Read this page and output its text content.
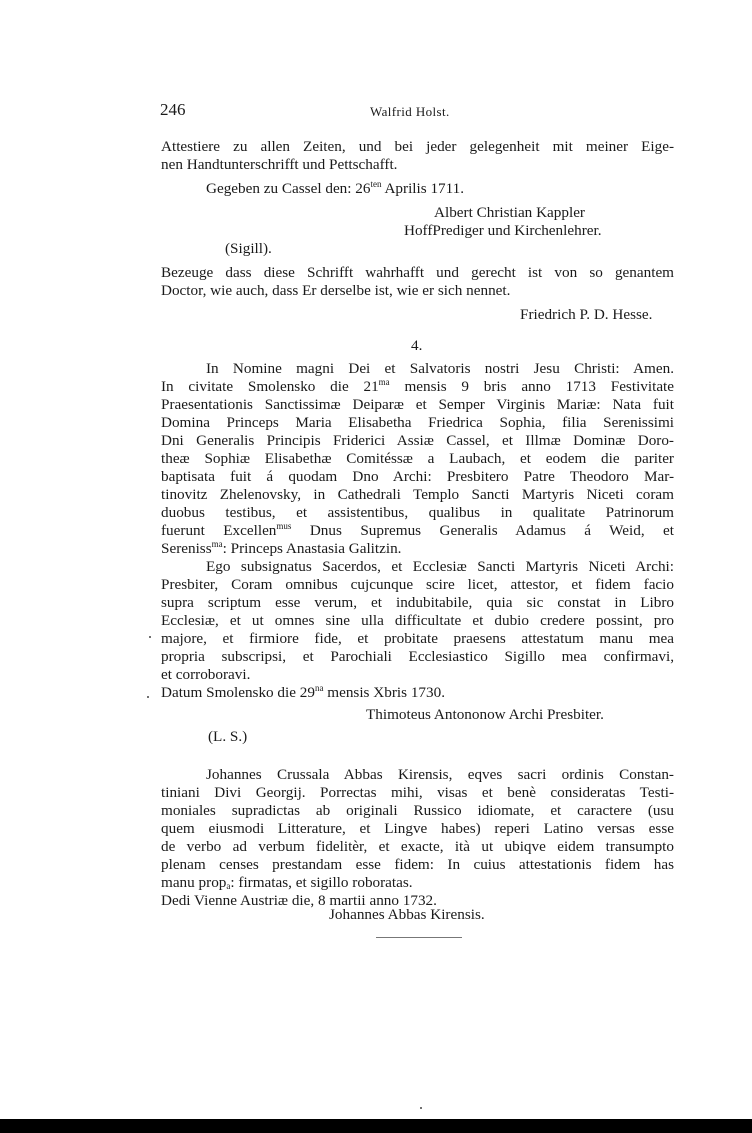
246	Walfrid Holst.
Attestiere zu allen Zeiten, und bei jeder gelegenheit mit meiner Eige-
nen Handtunterschrifft und Pettschafft.
Gegeben zu Cassel den: $26^{ten}$ Aprilis 1711.
Albert Christian Kappler
HoffPrediger und Kirchenlehrer.
(Sigill).
Bezeuge dass diese Schrifft wahrhafft und gerecht ist von so genantem
Doctor, wie auch, dass Er derselbe ist, wie er sich nennet.
Friedrich P. D. Hesse.
4.
In Nomine magni Dei et Salvatoris nostri Jesu Christi: Amen.
In civitate Smolensko die $21^{ma}$ mensis 9 bris anno 1713 Festivitate
Praesentationis Sanctissimæ Deiparæ et Semper Virginis Mariæ: Nata fuit
Domina Princeps Maria Elisabetha Friedrica Sophia, filia Serenissimi
Dni Generalis Principis Friderici Assiæ Cassel, et Illmæ Dominæ Doro-
theæ Sophiæ Elisabethæ Comitéssæ a Laubach, et eodem die pariter
baptisata fuit á quodam Dno Archi: Presbitero Patre Theodoro Mar-
tinovitz Zhelenovsky, in Cathedrali Templo Sancti Martyris Niceti coram
duobus testibus, et assistentibus, qualibus in qualitate Patrinorum
fuerunt Excellen$^{mus}$ Dnus Supremus Generalis Adamus á Weid, et
Sereniss$^{ma}$: Princeps Anastasia Galitzin.
Ego subsignatus Sacerdos, et Ecclesiæ Sancti Martyris Niceti Archi:
Presbiter, Coram omnibus cujcunque scire licet, attestor, et fidem facio
supra scriptum esse verum, et indubitabile, quia sic constat in Libro
Ecclesiæ, et ut omnes sine ulla difficultate et dubio credere possint, pro
majore, et firmiore fide, et probitate praesens attestatum manu mea
propria subscripsi, et Parochiali Ecclesiastico Sigillo mea confirmavi,
et corroboravi.
Datum Smolensko die $29^{na}$ mensis Xbris 1730.
Thimoteus Antononow Archi Presbiter.
(L. S.)
Johannes Crussala Abbas Kirensis, eqves sacri ordinis Constan-
tiniani Divi Georgij. Porrectas mihi, visas et benè consideratas Testi-
moniales supradictas ab originali Russico idiomate, et caractere (usu
quem eiusmodi Litterature, et Lingve habes) reperi Latino versas esse
de verbo ad verbum fidelitèr, et exacte, ità ut ubiqve eidem transumpto
plenam censes prestandam esse fidem: In cuius attestationis fidem has
manu prop$_a$: firmatas, et sigillo roboratas.
Dedi Vienne Austriæ die, 8 martii anno 1732.
Johannes Abbas Kirensis.
